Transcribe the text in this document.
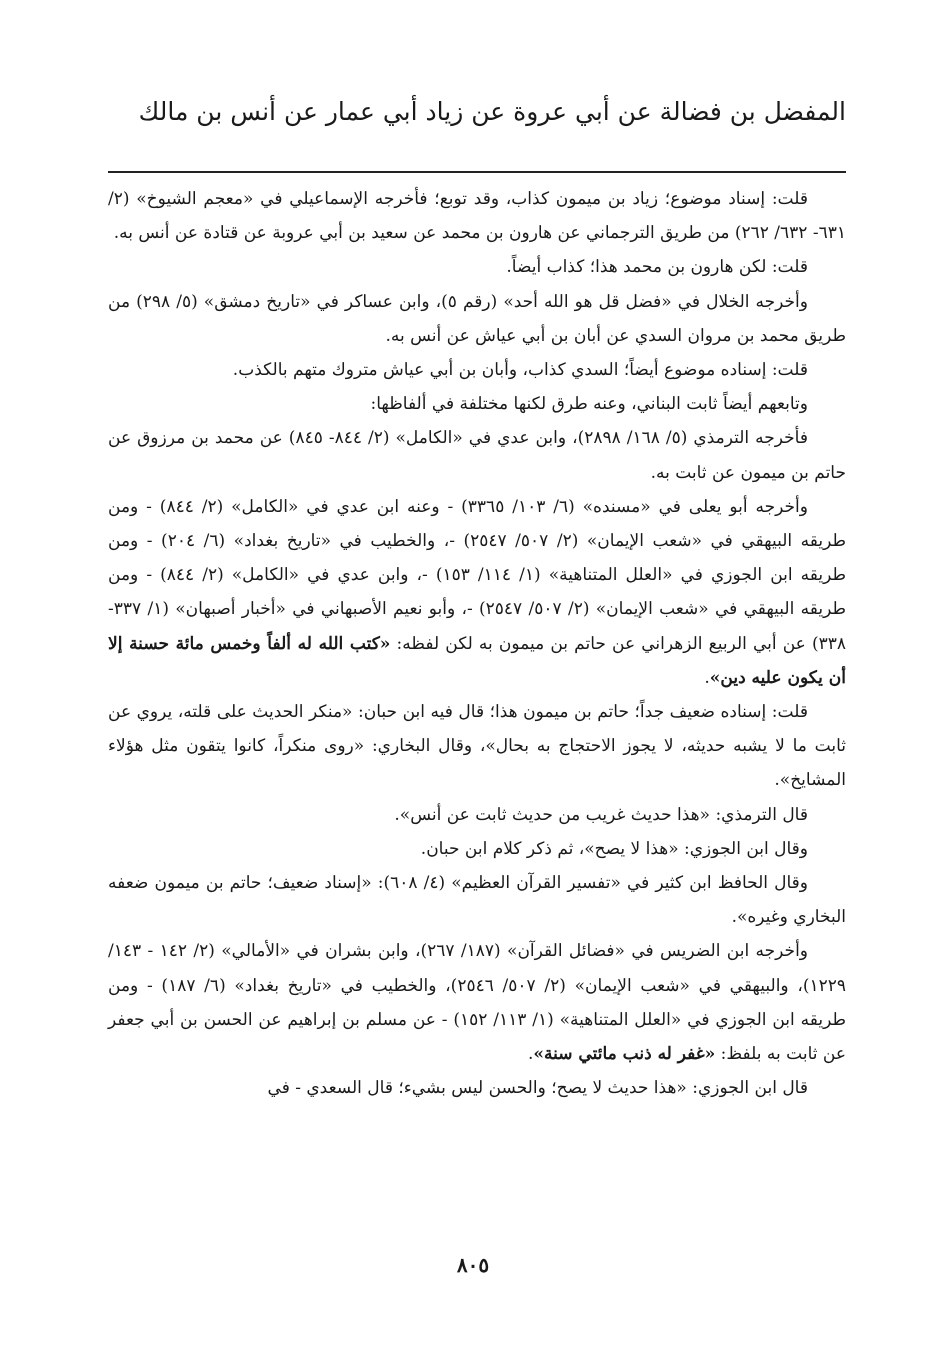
المفضل بن فضالة عن أبي عروة عن زياد أبي عمار عن أنس بن مالك

قلت: إسناد موضوع؛ زياد بن ميمون كذاب، وقد توبع؛ فأخرجه الإسماعيلي في «معجم الشيوخ» (٢/ ٦٣١- ٦٣٢/ ٢٦٢) من طريق الترجماني عن هارون بن محمد عن سعيد بن أبي عروبة عن قتادة عن أنس به.

قلت: لكن هارون بن محمد هذا؛ كذاب أيضاً.

وأخرجه الخلال في «فضل قل هو الله أحد» (رقم ٥)، وابن عساكر في «تاريخ دمشق» (٥/ ٢٩٨) من طريق محمد بن مروان السدي عن أبان بن أبي عياش عن أنس به.

قلت: إسناده موضوع أيضاً؛ السدي كذاب، وأبان بن أبي عياش متروك متهم بالكذب.

وتابعهم أيضاً ثابت البناني، وعنه طرق لكنها مختلفة في ألفاظها:

فأخرجه الترمذي (٥/ ١٦٨/ ٢٨٩٨)، وابن عدي في «الكامل» (٢/ ٨٤٤- ٨٤٥) عن محمد بن مرزوق عن حاتم بن ميمون عن ثابت به.

وأخرجه أبو يعلى في «مسنده» (٦/ ١٠٣/ ٣٣٦٥) - وعنه ابن عدي في «الكامل» (٢/ ٨٤٤) - ومن طريقه البيهقي في «شعب الإيمان» (٢/ ٥٠٧/ ٢٥٤٧) -، والخطيب في «تاريخ بغداد» (٦/ ٢٠٤) - ومن طريقه ابن الجوزي في «العلل المتناهية» (١/ ١١٤/ ١٥٣) -، وابن عدي في «الكامل» (٢/ ٨٤٤) - ومن طريقه البيهقي في «شعب الإيمان» (٢/ ٥٠٧/ ٢٥٤٧) -، وأبو نعيم الأصبهاني في «أخبار أصبهان» (١/ ٣٣٧- ٣٣٨) عن أبي الربيع الزهراني عن حاتم بن ميمون به لكن لفظه: «كتب الله له ألفاً وخمس مائة حسنة إلا أن يكون عليه دين».

قلت: إسناده ضعيف جداً؛ حاتم بن ميمون هذا؛ قال فيه ابن حبان: «منكر الحديث على قلته، يروي عن ثابت ما لا يشبه حديثه، لا يجوز الاحتجاج به بحال»، وقال البخاري: «روى منكراً، كانوا يتقون مثل هؤلاء المشايخ».

قال الترمذي: «هذا حديث غريب من حديث ثابت عن أنس».

وقال ابن الجوزي: «هذا لا يصح»، ثم ذكر كلام ابن حبان.

وقال الحافظ ابن كثير في «تفسير القرآن العظيم» (٤/ ٦٠٨): «إسناد ضعيف؛ حاتم بن ميمون ضعفه البخاري وغيره».

وأخرجه ابن الضريس في «فضائل القرآن» (١٨٧/ ٢٦٧)، وابن بشران في «الأمالي» (٢/ ١٤٢ - ١٤٣/ ١٢٢٩)، والبيهقي في «شعب الإيمان» (٢/ ٥٠٧/ ٢٥٤٦)، والخطيب في «تاريخ بغداد» (٦/ ١٨٧) - ومن طريقه ابن الجوزي في «العلل المتناهية» (١/ ١١٣/ ١٥٢) - عن مسلم بن إبراهيم عن الحسن بن أبي جعفر عن ثابت به بلفظ: «غفر له ذنب مائتي سنة».

قال ابن الجوزي: «هذا حديث لا يصح؛ والحسن ليس بشيء؛ قال السعدي - في

٨٠٥
